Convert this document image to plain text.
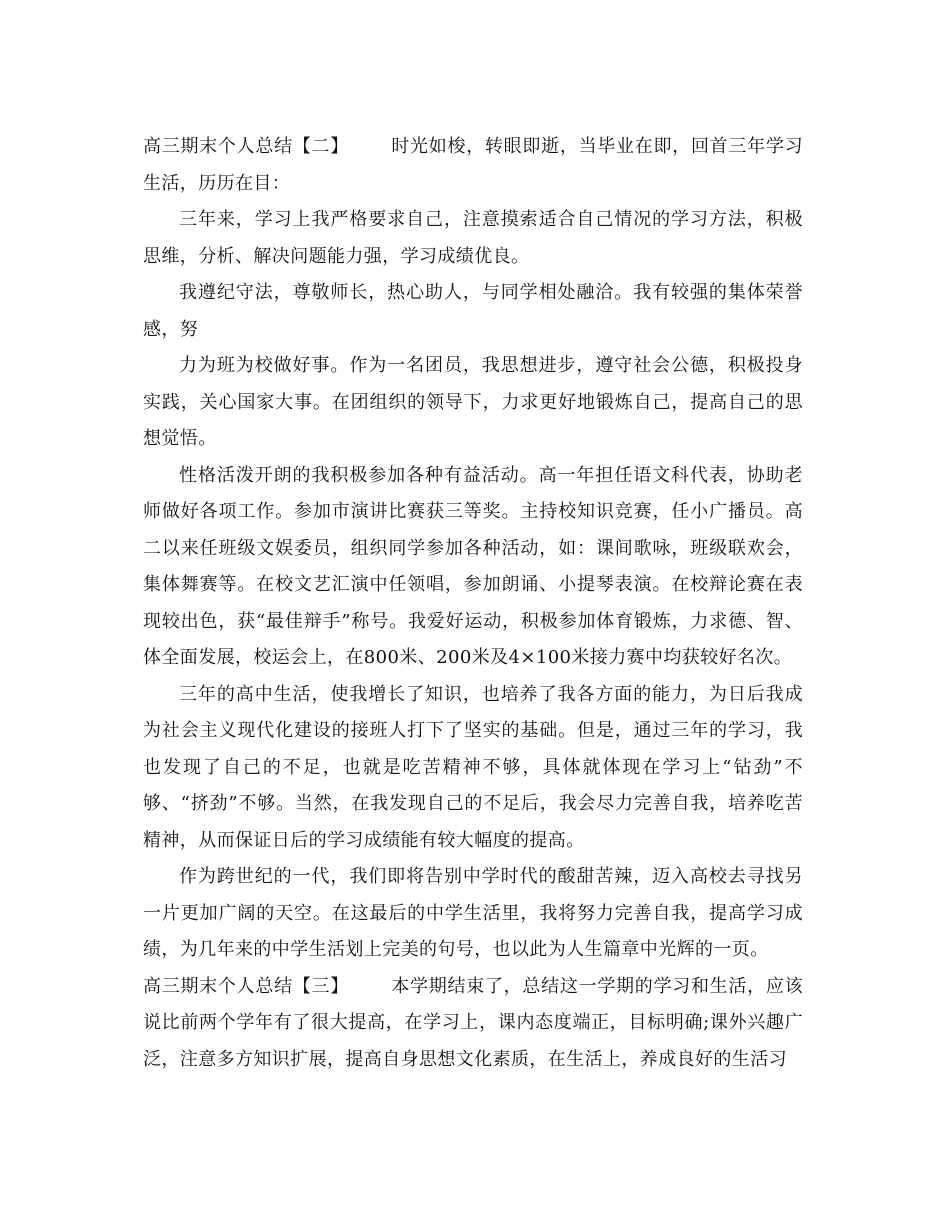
高三期末个人总结【二】 时光如梭，转眼即逝，当毕业在即，回首三年学习生活，历历在目：

三年来，学习上我严格要求自己，注意摸索适合自己情况的学习方法，积极思维，分析、解决问题能力强，学习成绩优良。

我遵纪守法，尊敬师长，热心助人，与同学相处融洽。我有较强的集体荣誉感，努

力为班为校做好事。作为一名团员，我思想进步，遵守社会公德，积极投身实践，关心国家大事。在团组织的领导下，力求更好地锻炼自己，提高自己的思想觉悟。

性格活泼开朗的我积极参加各种有益活动。高一年担任语文科代表，协助老师做好各项工作。参加市演讲比赛获三等奖。主持校知识竞赛，任小广播员。高二以来任班级文娱委员，组织同学参加各种活动，如：课间歌咏，班级联欢会，集体舞赛等。在校文艺汇演中任领唱，参加朗诵、小提琴表演。在校辩论赛在表现较出色，获“最佳辩手”称号。我爱好运动，积极参加体育锻炼，力求德、智、体全面发展，校运会上，在800米、200米及4×100米接力赛中均获较好名次。

三年的高中生活，使我增长了知识，也培养了我各方面的能力，为日后我成为社会主义现代化建设的接班人打下了坚实的基础。但是，通过三年的学习，我也发现了自己的不足，也就是吃苦精神不够，具体就体现在学习上“钻劲”不够、“挤劲”不够。当然，在我发现自己的不足后，我会尽力完善自我，培养吃苦精神，从而保证日后的学习成绩能有较大幅度的提高。

作为跨世纪的一代，我们即将告别中学时代的酸甜苦辣，迈入高校去寻找另一片更加广阔的天空。在这最后的中学生活里，我将努力完善自我，提高学习成绩，为几年来的中学生活划上完美的句号，也以此为人生篇章中光辉的一页。

高三期末个人总结【三】 本学期结束了，总结这一学期的学习和生活，应该说比前两个学年有了很大提高，在学习上，课内态度端正，目标明确;课外兴趣广泛，注意多方知识扩展，提高自身思想文化素质，在生活上，养成良好的生活习
